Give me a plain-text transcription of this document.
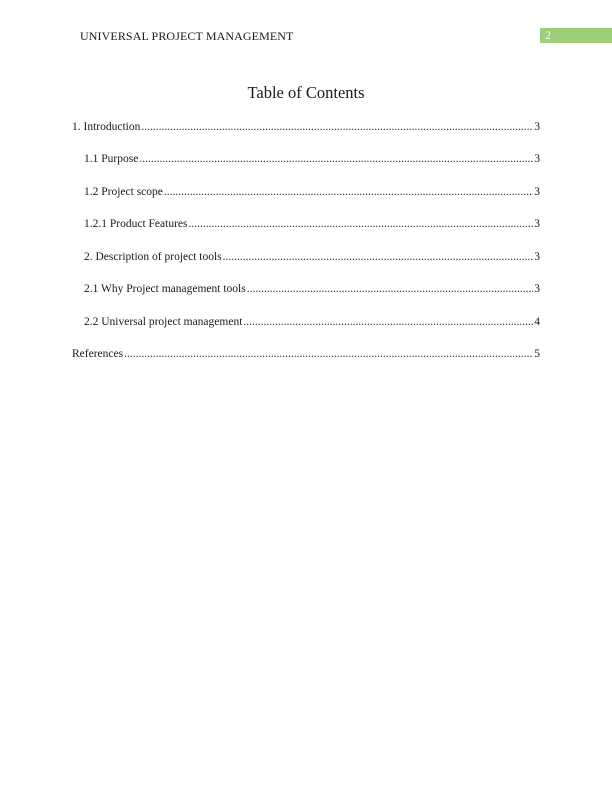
UNIVERSAL PROJECT MANAGEMENT	2
Table of Contents
1. Introduction .....	3
1.1 Purpose .....	3
1.2 Project scope .....	3
1.2.1 Product Features .....	3
2. Description of project tools .....	3
2.1 Why Project management tools .....	3
2.2 Universal project management .....	4
References .....	5
